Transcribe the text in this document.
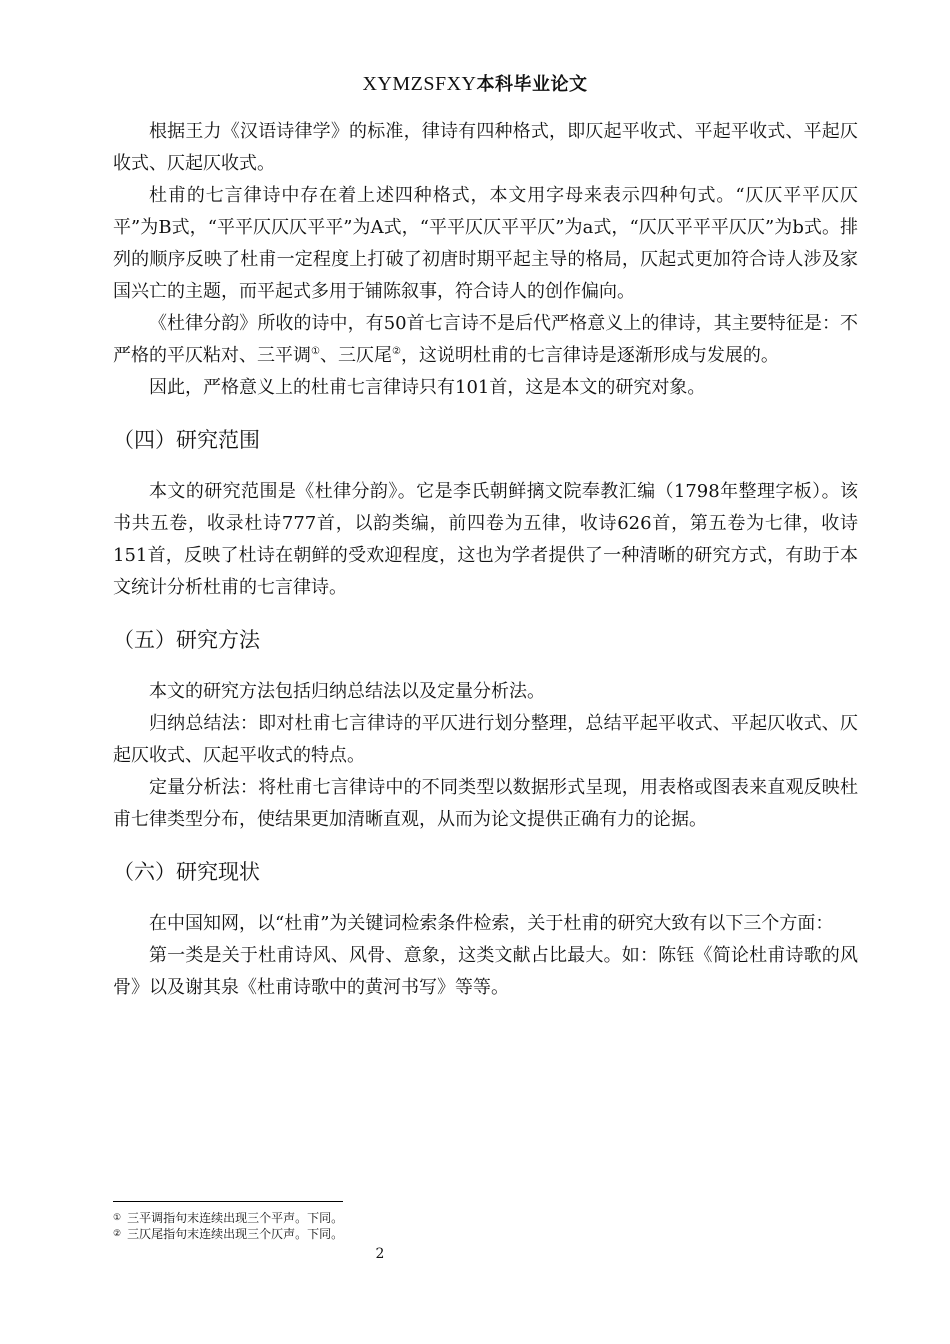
XYMZSFXY本科毕业论文

根据王力《汉语诗律学》的标准，律诗有四种格式，即仄起平收式、平起平收式、平起仄收式、仄起仄收式。

杜甫的七言律诗中存在着上述四种格式，本文用字母来表示四种句式。“仄仄平平仄仄平”为B式，“平平仄仄仄平平”为A式，“平平仄仄平平仄”为a式，“仄仄平平平仄仄”为b式。排列的顺序反映了杜甫一定程度上打破了初唐时期平起主导的格局，仄起式更加符合诗人涉及家国兴亡的主题，而平起式多用于铺陈叙事，符合诗人的创作偏向。

《杜律分韵》所收的诗中，有50首七言诗不是后代严格意义上的律诗，其主要特征是：不严格的平仄粘对、三平调①、三仄尾②，这说明杜甫的七言律诗是逐渐形成与发展的。

因此，严格意义上的杜甫七言律诗只有101首，这是本文的研究对象。

（四）研究范围

本文的研究范围是《杜律分韵》。它是李氏朝鲜摛文院奉教汇编（1798年整理字板）。该书共五卷，收录杜诗777首，以韵类编，前四卷为五律，收诗626首，第五卷为七律，收诗151首，反映了杜诗在朝鲜的受欢迎程度，这也为学者提供了一种清晰的研究方式，有助于本文统计分析杜甫的七言律诗。

（五）研究方法

本文的研究方法包括归纳总结法以及定量分析法。

归纳总结法：即对杜甫七言律诗的平仄进行划分整理，总结平起平收式、平起仄收式、仄起仄收式、仄起平收式的特点。

定量分析法：将杜甫七言律诗中的不同类型以数据形式呈现，用表格或图表来直观反映杜甫七律类型分布，使结果更加清晰直观，从而为论文提供正确有力的论据。

（六）研究现状

在中国知网，以“杜甫”为关键词检索条件检索，关于杜甫的研究大致有以下三个方面：

第一类是关于杜甫诗风、风骨、意象，这类文献占比最大。如：陈钰《简论杜甫诗歌的风骨》以及谢其泉《杜甫诗歌中的黄河书写》等等。

① 三平调指句末连续出现三个平声。下同。
② 三仄尾指句末连续出现三个仄声。下同。
2
